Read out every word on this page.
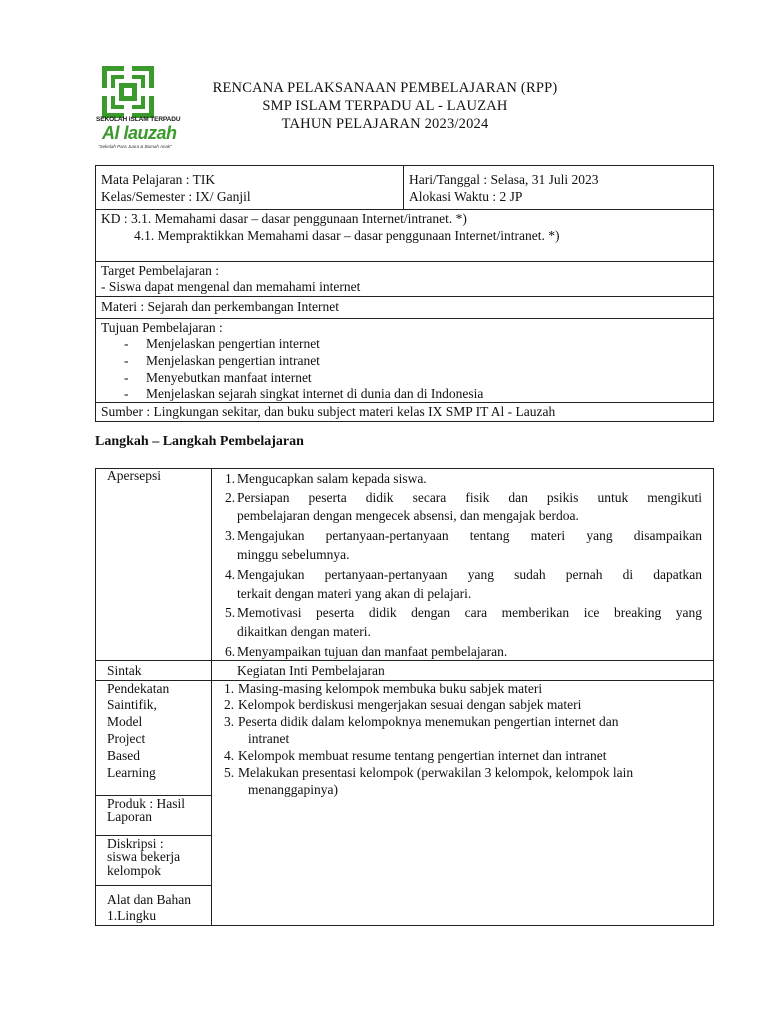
SEKOLAH ISLAM TERPADU
Al lauzah
"Sekolah Para Juara & Bumah Anak"
RENCANA PELAKSANAAN PEMBELAJARAN (RPP)
SMP ISLAM TERPADU AL - LAUZAH
TAHUN PELAJARAN 2023/2024
Mata Pelajaran : TIK
Kelas/Semester : IX/ Ganjil
Hari/Tanggal : Selasa, 31 Juli 2023
Alokasi Waktu : 2 JP
KD : 3.1. Memahami dasar – dasar penggunaan Internet/intranet. *)
4.1. Mempraktikkan Memahami dasar – dasar penggunaan Internet/intranet. *)
Target Pembelajaran :
- Siswa dapat mengenal dan memahami internet
Materi : Sejarah dan perkembangan Internet
Tujuan Pembelajaran :
- Menjelaskan pengertian internet
- Menjelaskan pengertian intranet
- Menyebutkan manfaat internet
- Menjelaskan sejarah singkat internet di dunia dan di Indonesia
Sumber : Lingkungan sekitar, dan buku subject materi kelas IX SMP IT Al - Lauzah
Langkah – Langkah Pembelajaran
Apersepsi	1. Mengucapkan salam kepada siswa.
2. Persiapan peserta didik secara fisik dan psikis untuk mengikuti
pembelajaran dengan mengecek absensi, dan mengajak berdoa.
3. Mengajukan pertanyaan-pertanyaan tentang materi yang disampaikan
minggu sebelumnya.
4. Mengajukan pertanyaan-pertanyaan yang sudah pernah di dapatkan
terkait dengan materi yang akan di pelajari.
5. Memotivasi peserta didik dengan cara memberikan ice breaking yang
dikaitkan dengan materi.
6. Menyampaikan tujuan dan manfaat pembelajaran.
Sintak	Kegiatan Inti Pembelajaran
Pendekatan
Saintifik,
Model
Project
Based
Learning
Produk : Hasil
Laporan
Diskripsi :
siswa bekerja
kelompok
Alat dan Bahan
1.Lingku
1. Masing-masing kelompok membuka buku sabjek materi
2. Kelompok berdiskusi mengerjakan sesuai dengan sabjek materi
3. Peserta didik dalam kelompoknya menemukan pengertian internet dan
intranet
4. Kelompok membuat resume tentang pengertian internet dan intranet
5. Melakukan presentasi kelompok (perwakilan 3 kelompok, kelompok lain
menanggapinya)
